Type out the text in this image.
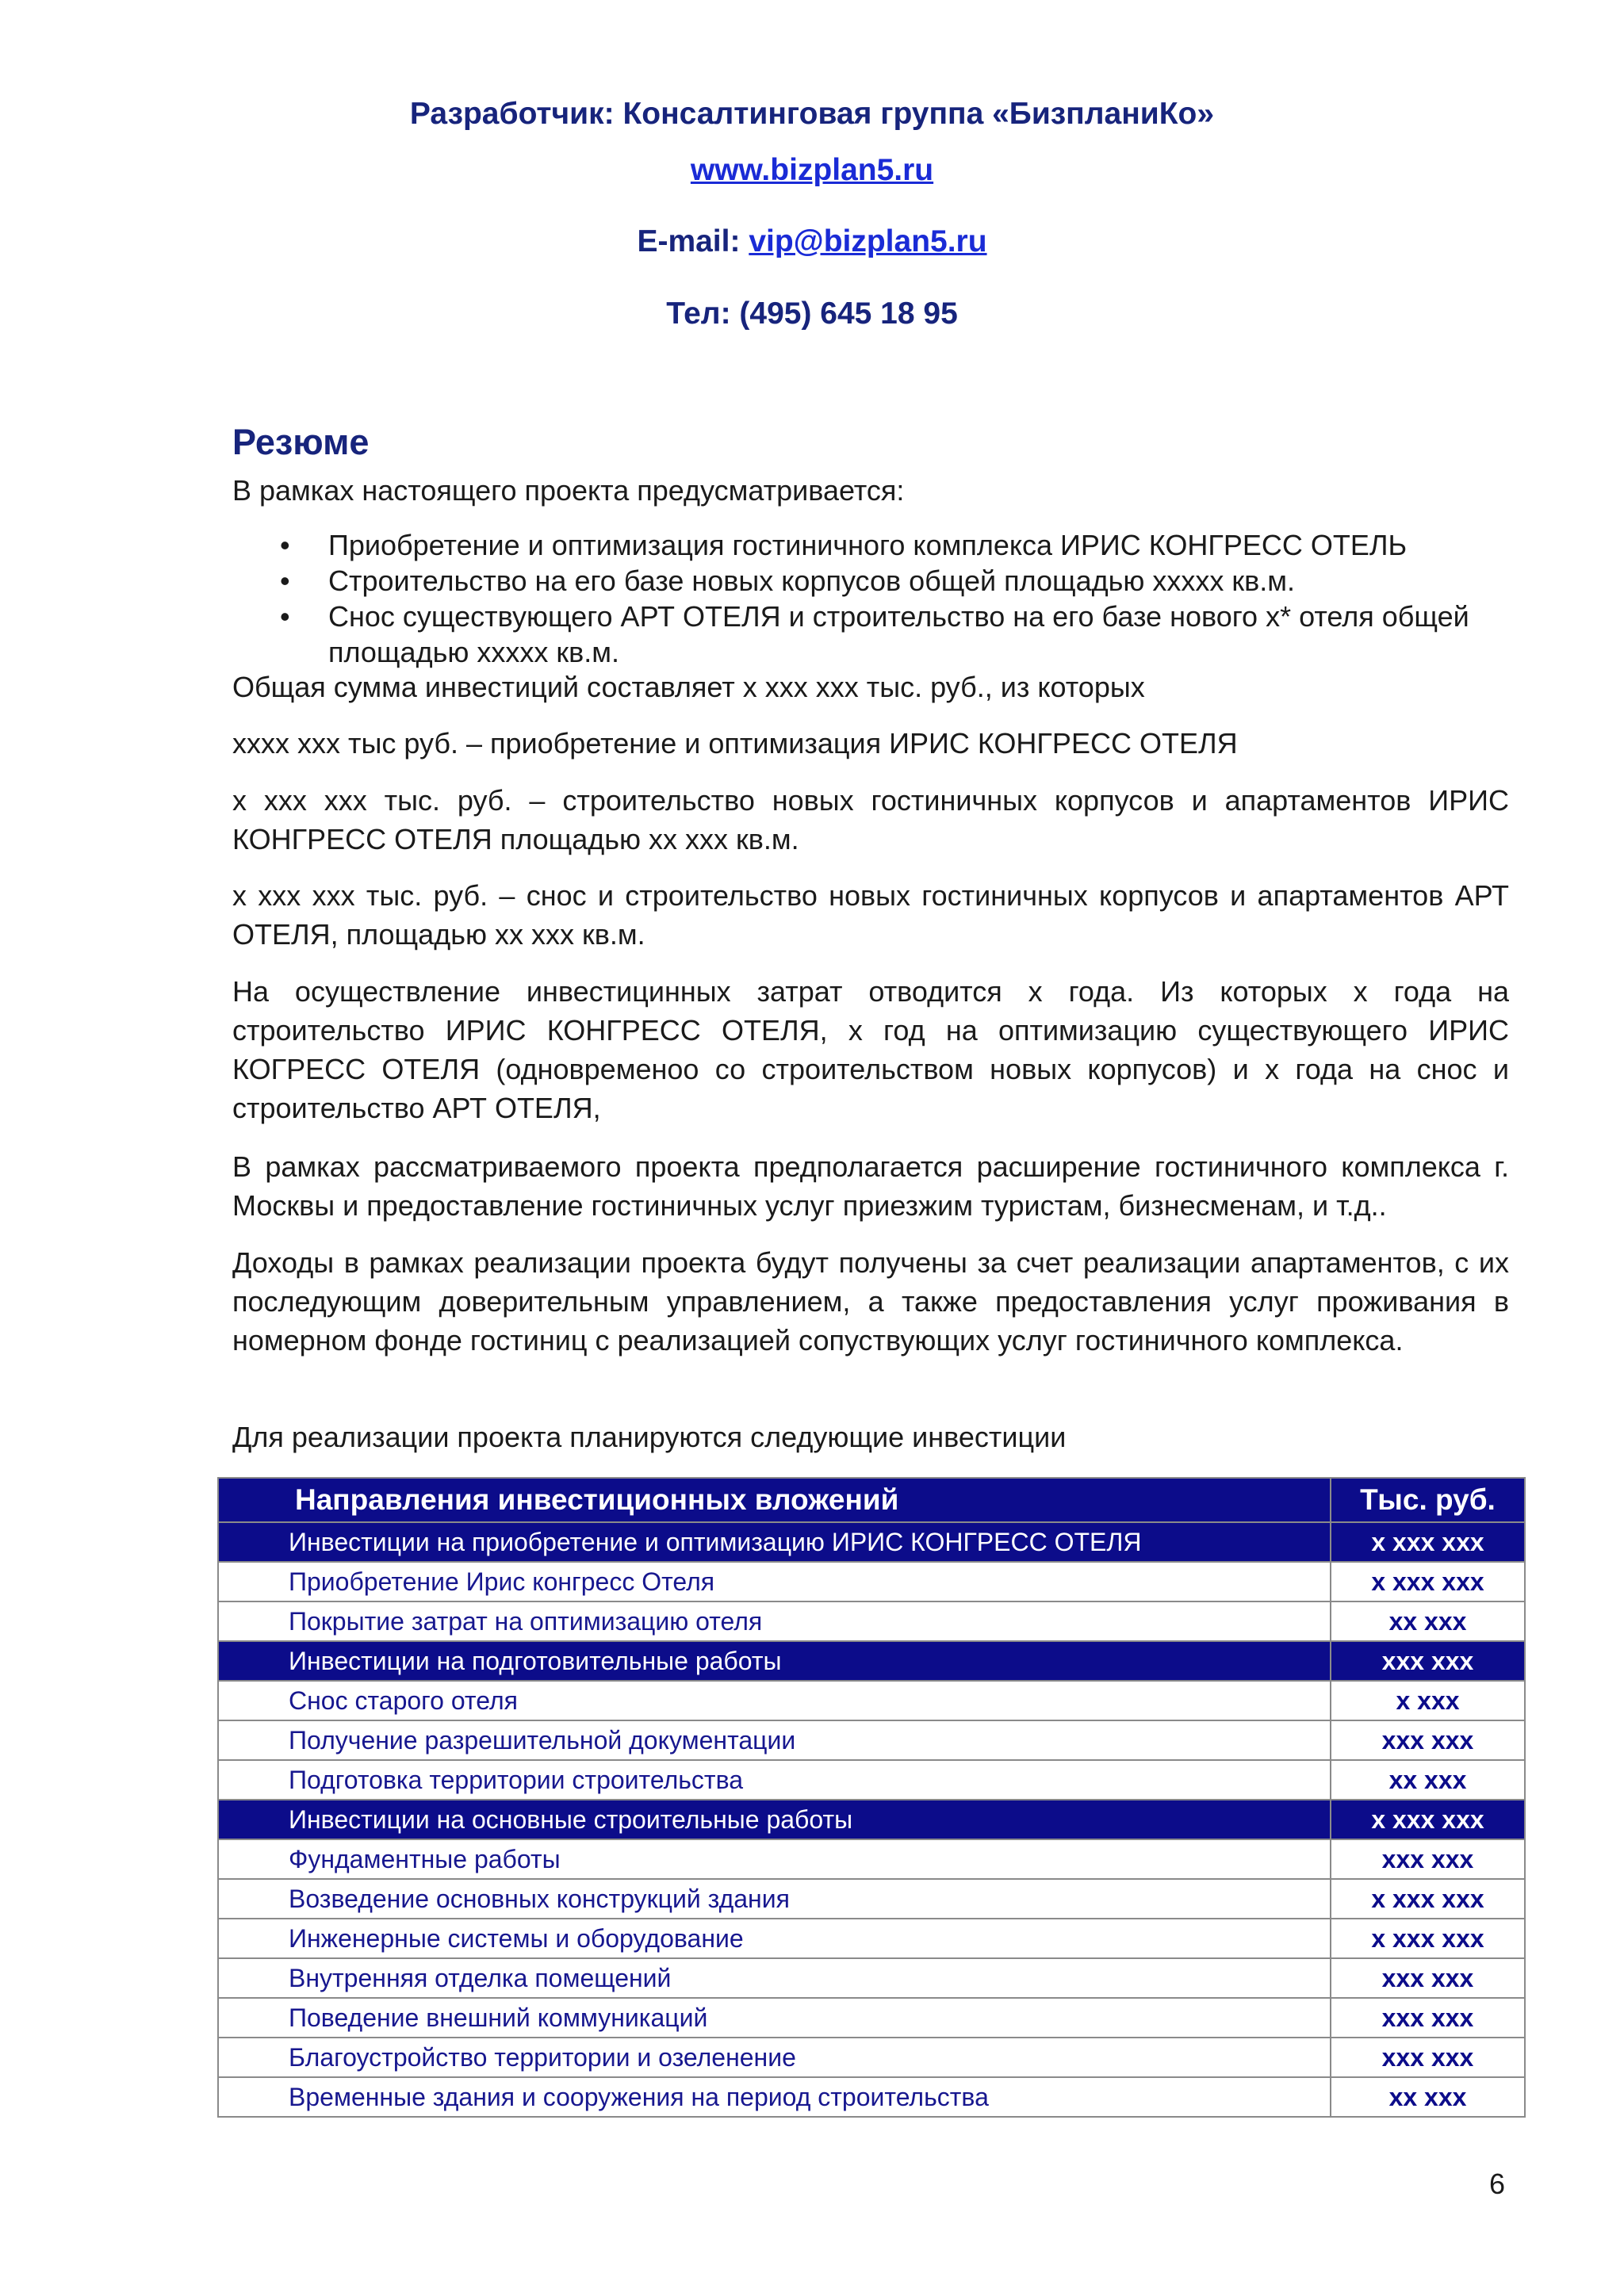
Разработчик: Консалтинговая группа «БизпланиКо»
www.bizplan5.ru
E-mail: vip@bizplan5.ru
Тел: (495) 645 18 95
Резюме
В рамках настоящего проекта предусматривается:
• Приобретение и оптимизация гостиничного комплекса ИРИС КОНГРЕСС ОТЕЛЬ
• Строительство на его базе новых корпусов общей площадью ххххх кв.м.
• Снос существующего АРТ ОТЕЛЯ и строительство на его базе нового х* отеля общей площадью ххххх кв.м.
Общая сумма инвестиций составляет х ххх ххх тыс. руб., из которых
хххх ххх тыс руб. – приобретение и оптимизация ИРИС КОНГРЕСС ОТЕЛЯ
х ххх ххх тыс. руб. – строительство новых гостиничных корпусов и апартаментов ИРИС КОНГРЕСС ОТЕЛЯ площадью хх ххх кв.м.
х ххх ххх тыс. руб. – снос и строительство новых гостиничных корпусов и апартаментов АРТ ОТЕЛЯ, площадью хх ххх кв.м.
На осуществление инвестицинных затрат отводится х года. Из которых х года на строительство ИРИС КОНГРЕСС ОТЕЛЯ, х год на оптимизацию существующего ИРИС КОГРЕСС ОТЕЛЯ (одновременоо со строительством новых корпусов) и х года на снос и строительство АРТ ОТЕЛЯ,
В рамках рассматриваемого проекта предполагается расширение гостиничного комплекса г. Москвы и предоставление гостиничных услуг приезжим туристам, бизнесменам, и т.д..
Доходы в рамках реализации проекта будут получены за счет реализации апартаментов, с их последующим доверительным управлением, а также предоставления услуг проживания в номерном фонде гостиниц с реализацией сопуствующих услуг гостиничного комплекса.
Для реализации проекта планируются следующие инвестиции
Направления инвестиционных вложений	Тыс. руб.
Инвестиции на приобретение и оптимизацию ИРИС КОНГРЕСС ОТЕЛЯ	х ххх ххх
Приобретение Ирис конгресс Отеля	х ххх ххх
Покрытие затрат на оптимизацию отеля	хх ххх
Инвестиции на подготовительные работы	ххх ххх
Снос старого отеля	х ххх
Получение разрешительной документации	ххх ххх
Подготовка территории строительства	хх ххх
Инвестиции на основные строительные работы	х ххх ххх
Фундаментные работы	ххх ххх
Возведение основных конструкций здания	х ххх ххх
Инженерные системы и оборудование	х ххх ххх
Внутренняя отделка помещений	ххх ххх
Поведение внешний коммуникаций	ххх ххх
Благоустройство территории и озеленение	ххх ххх
Временные здания и сооружения на период строительства	хх ххх
6
